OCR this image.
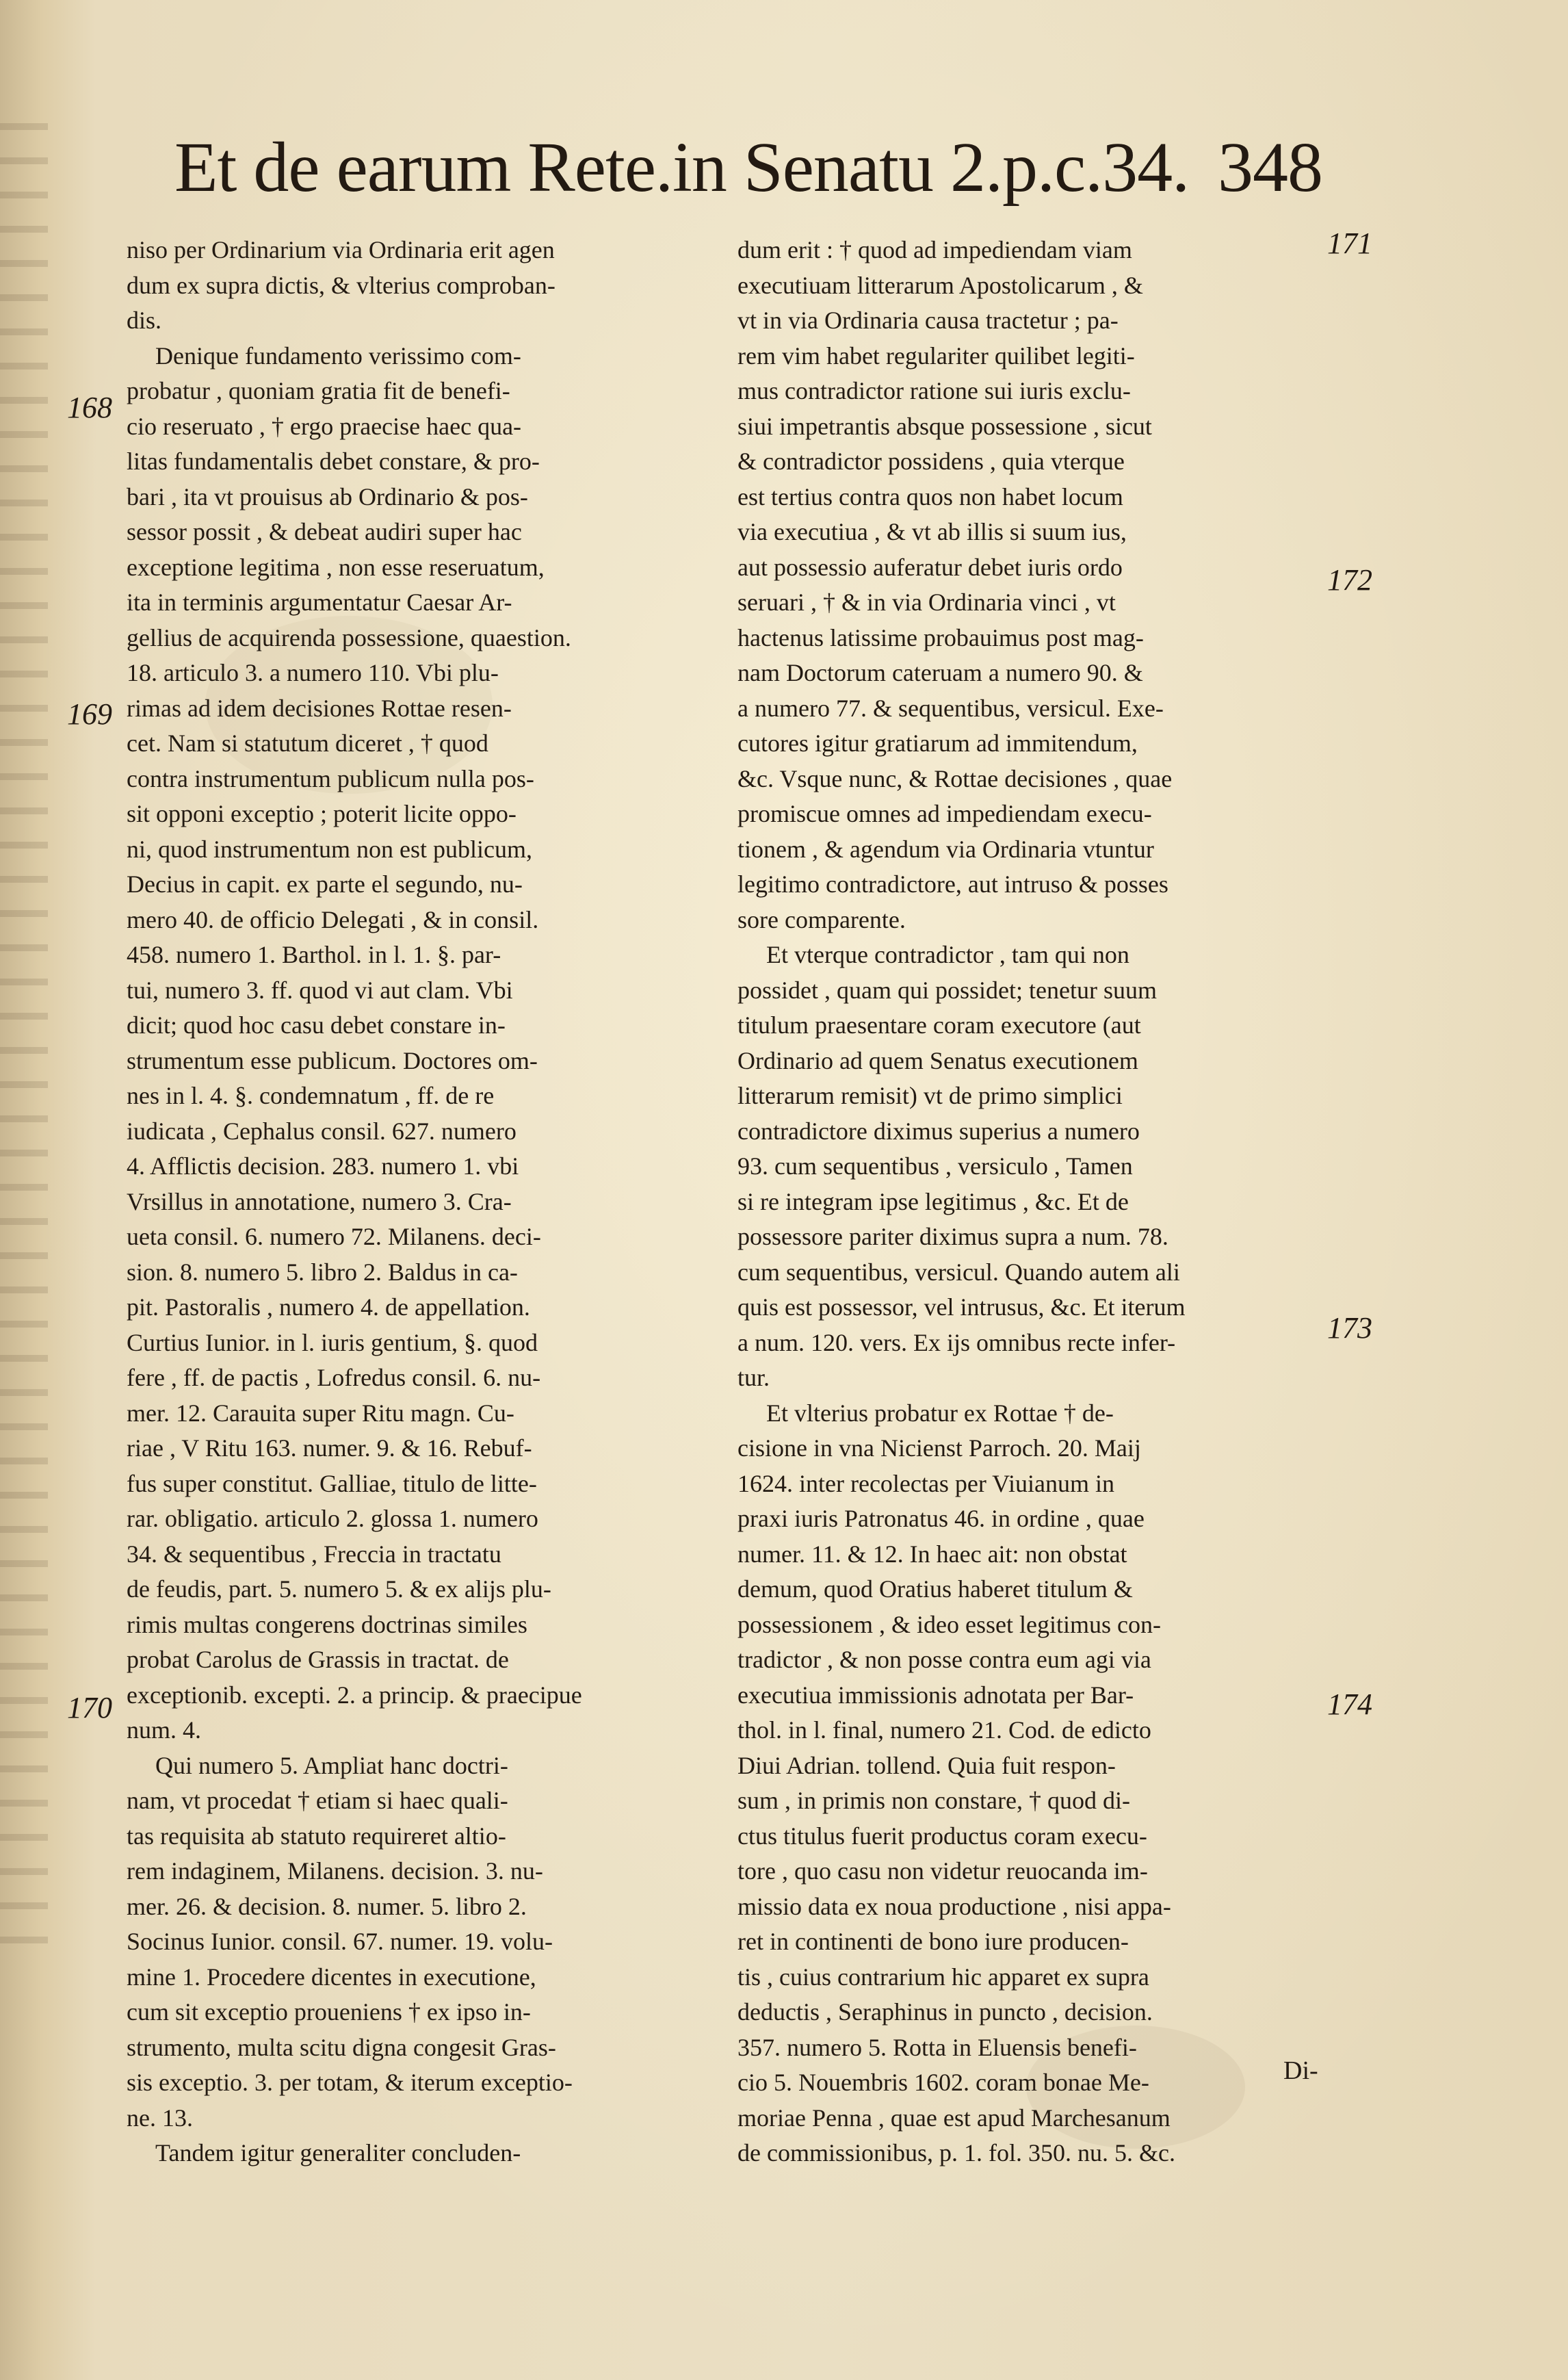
Et de earum Rete.in Senatu 2.p.c.34. 348
niso per Ordinarium via Ordinaria erit agen
dum ex supra dictis, & vlterius comproban-
dis.
Denique fundamento verissimo com-
probatur , quoniam gratia fit de benefi-
cio reseruato , † ergo praecise haec qua-
litas fundamentalis debet constare, & pro-
bari , ita vt prouisus ab Ordinario & pos-
sessor possit , & debeat audiri super hac
exceptione legitima , non esse reseruatum,
ita in terminis argumentatur Caesar Ar-
gellius de acquirenda possessione, quaestion.
18. articulo 3. a numero 110. Vbi plu-
rimas ad idem decisiones Rottae resen-
cet. Nam si statutum diceret , † quod
contra instrumentum publicum nulla pos-
sit opponi exceptio ; poterit licite oppo-
ni, quod instrumentum non est publicum,
Decius in capit. ex parte el segundo, nu-
mero 40. de officio Delegati , & in consil.
458. numero 1. Barthol. in l. 1. §. par-
tui, numero 3. ff. quod vi aut clam. Vbi
dicit; quod hoc casu debet constare in-
strumentum esse publicum. Doctores om-
nes in l. 4. §. condemnatum , ff. de re
iudicata , Cephalus consil. 627. numero
4. Afflictis decision. 283. numero 1. vbi
Vrsillus in annotatione, numero 3. Cra-
ueta consil. 6. numero 72. Milanens. deci-
sion. 8. numero 5. libro 2. Baldus in ca-
pit. Pastoralis , numero 4. de appellation.
Curtius Iunior. in l. iuris gentium, §. quod
fere , ff. de pactis , Lofredus consil. 6. nu-
mer. 12. Carauita super Ritu magn. Cu-
riae , V Ritu 163. numer. 9. & 16. Rebuf-
fus super constitut. Galliae, titulo de litte-
rar. obligatio. articulo 2. glossa 1. numero
34. & sequentibus , Freccia in tractatu
de feudis, part. 5. numero 5. & ex alijs plu-
rimis multas congerens doctrinas similes
probat Carolus de Grassis in tractat. de
exceptionib. excepti. 2. a princip. & praecipue
num. 4.
Qui numero 5. Ampliat hanc doctri-
nam, vt procedat † etiam si haec quali-
tas requisita ab statuto requireret altio-
rem indaginem, Milanens. decision. 3. nu-
mer. 26. & decision. 8. numer. 5. libro 2.
Socinus Iunior. consil. 67. numer. 19. volu-
mine 1. Procedere dicentes in executione,
cum sit exceptio proueniens † ex ipso in-
strumento, multa scitu digna congesit Gras-
sis exceptio. 3. per totam, & iterum exceptio-
ne. 13.
Tandem igitur generaliter concluden-
dum erit : † quod ad impediendam viam
executiuam litterarum Apostolicarum , &
vt in via Ordinaria causa tractetur ; pa-
rem vim habet regulariter quilibet legiti-
mus contradictor ratione sui iuris exclu-
siui impetrantis absque possessione , sicut
& contradictor possidens , quia vterque
est tertius contra quos non habet locum
via executiua , & vt ab illis si suum ius,
aut possessio auferatur debet iuris ordo
seruari , † & in via Ordinaria vinci , vt
hactenus latissime probauimus post mag-
nam Doctorum cateruam a numero 90. &
a numero 77. & sequentibus, versicul. Exe-
cutores igitur gratiarum ad immitendum,
&c. Vsque nunc, & Rottae decisiones , quae
promiscue omnes ad impediendam execu-
tionem , & agendum via Ordinaria vtuntur
legitimo contradictore, aut intruso & posses
sore comparente.
Et vterque contradictor , tam qui non
possidet , quam qui possidet; tenetur suum
titulum praesentare coram executore (aut
Ordinario ad quem Senatus executionem
litterarum remisit) vt de primo simplici
contradictore diximus superius a numero
93. cum sequentibus , versiculo , Tamen
si re integram ipse legitimus , &c. Et de
possessore pariter diximus supra a num. 78.
cum sequentibus, versicul. Quando autem ali
quis est possessor, vel intrusus, &c. Et iterum
a num. 120. vers. Ex ijs omnibus recte infer-
tur.
Et vlterius probatur ex Rottae † de-
cisione in vna Nicienst Parroch. 20. Maij
1624. inter recolectas per Viuianum in
praxi iuris Patronatus 46. in ordine , quae
numer. 11. & 12. In haec ait: non obstat
demum, quod Oratius haberet titulum &
possessionem , & ideo esset legitimus con-
tradictor , & non posse contra eum agi via
executiua immissionis adnotata per Bar-
thol. in l. final, numero 21. Cod. de edicto
Diui Adrian. tollend. Quia fuit respon-
sum , in primis non constare, † quod di-
ctus titulus fuerit productus coram execu-
tore , quo casu non videtur reuocanda im-
missio data ex noua productione , nisi appa-
ret in continenti de bono iure producen-
tis , cuius contrarium hic apparet ex supra
deductis , Seraphinus in puncto , decision.
357. numero 5. Rotta in Eluensis benefi-
cio 5. Nouembris 1602. coram bonae Me-
moriae Penna , quae est apud Marchesanum
de commissionibus, p. 1. fol. 350. nu. 5. &c.
168
169
170
171
172
173
174
Di-
